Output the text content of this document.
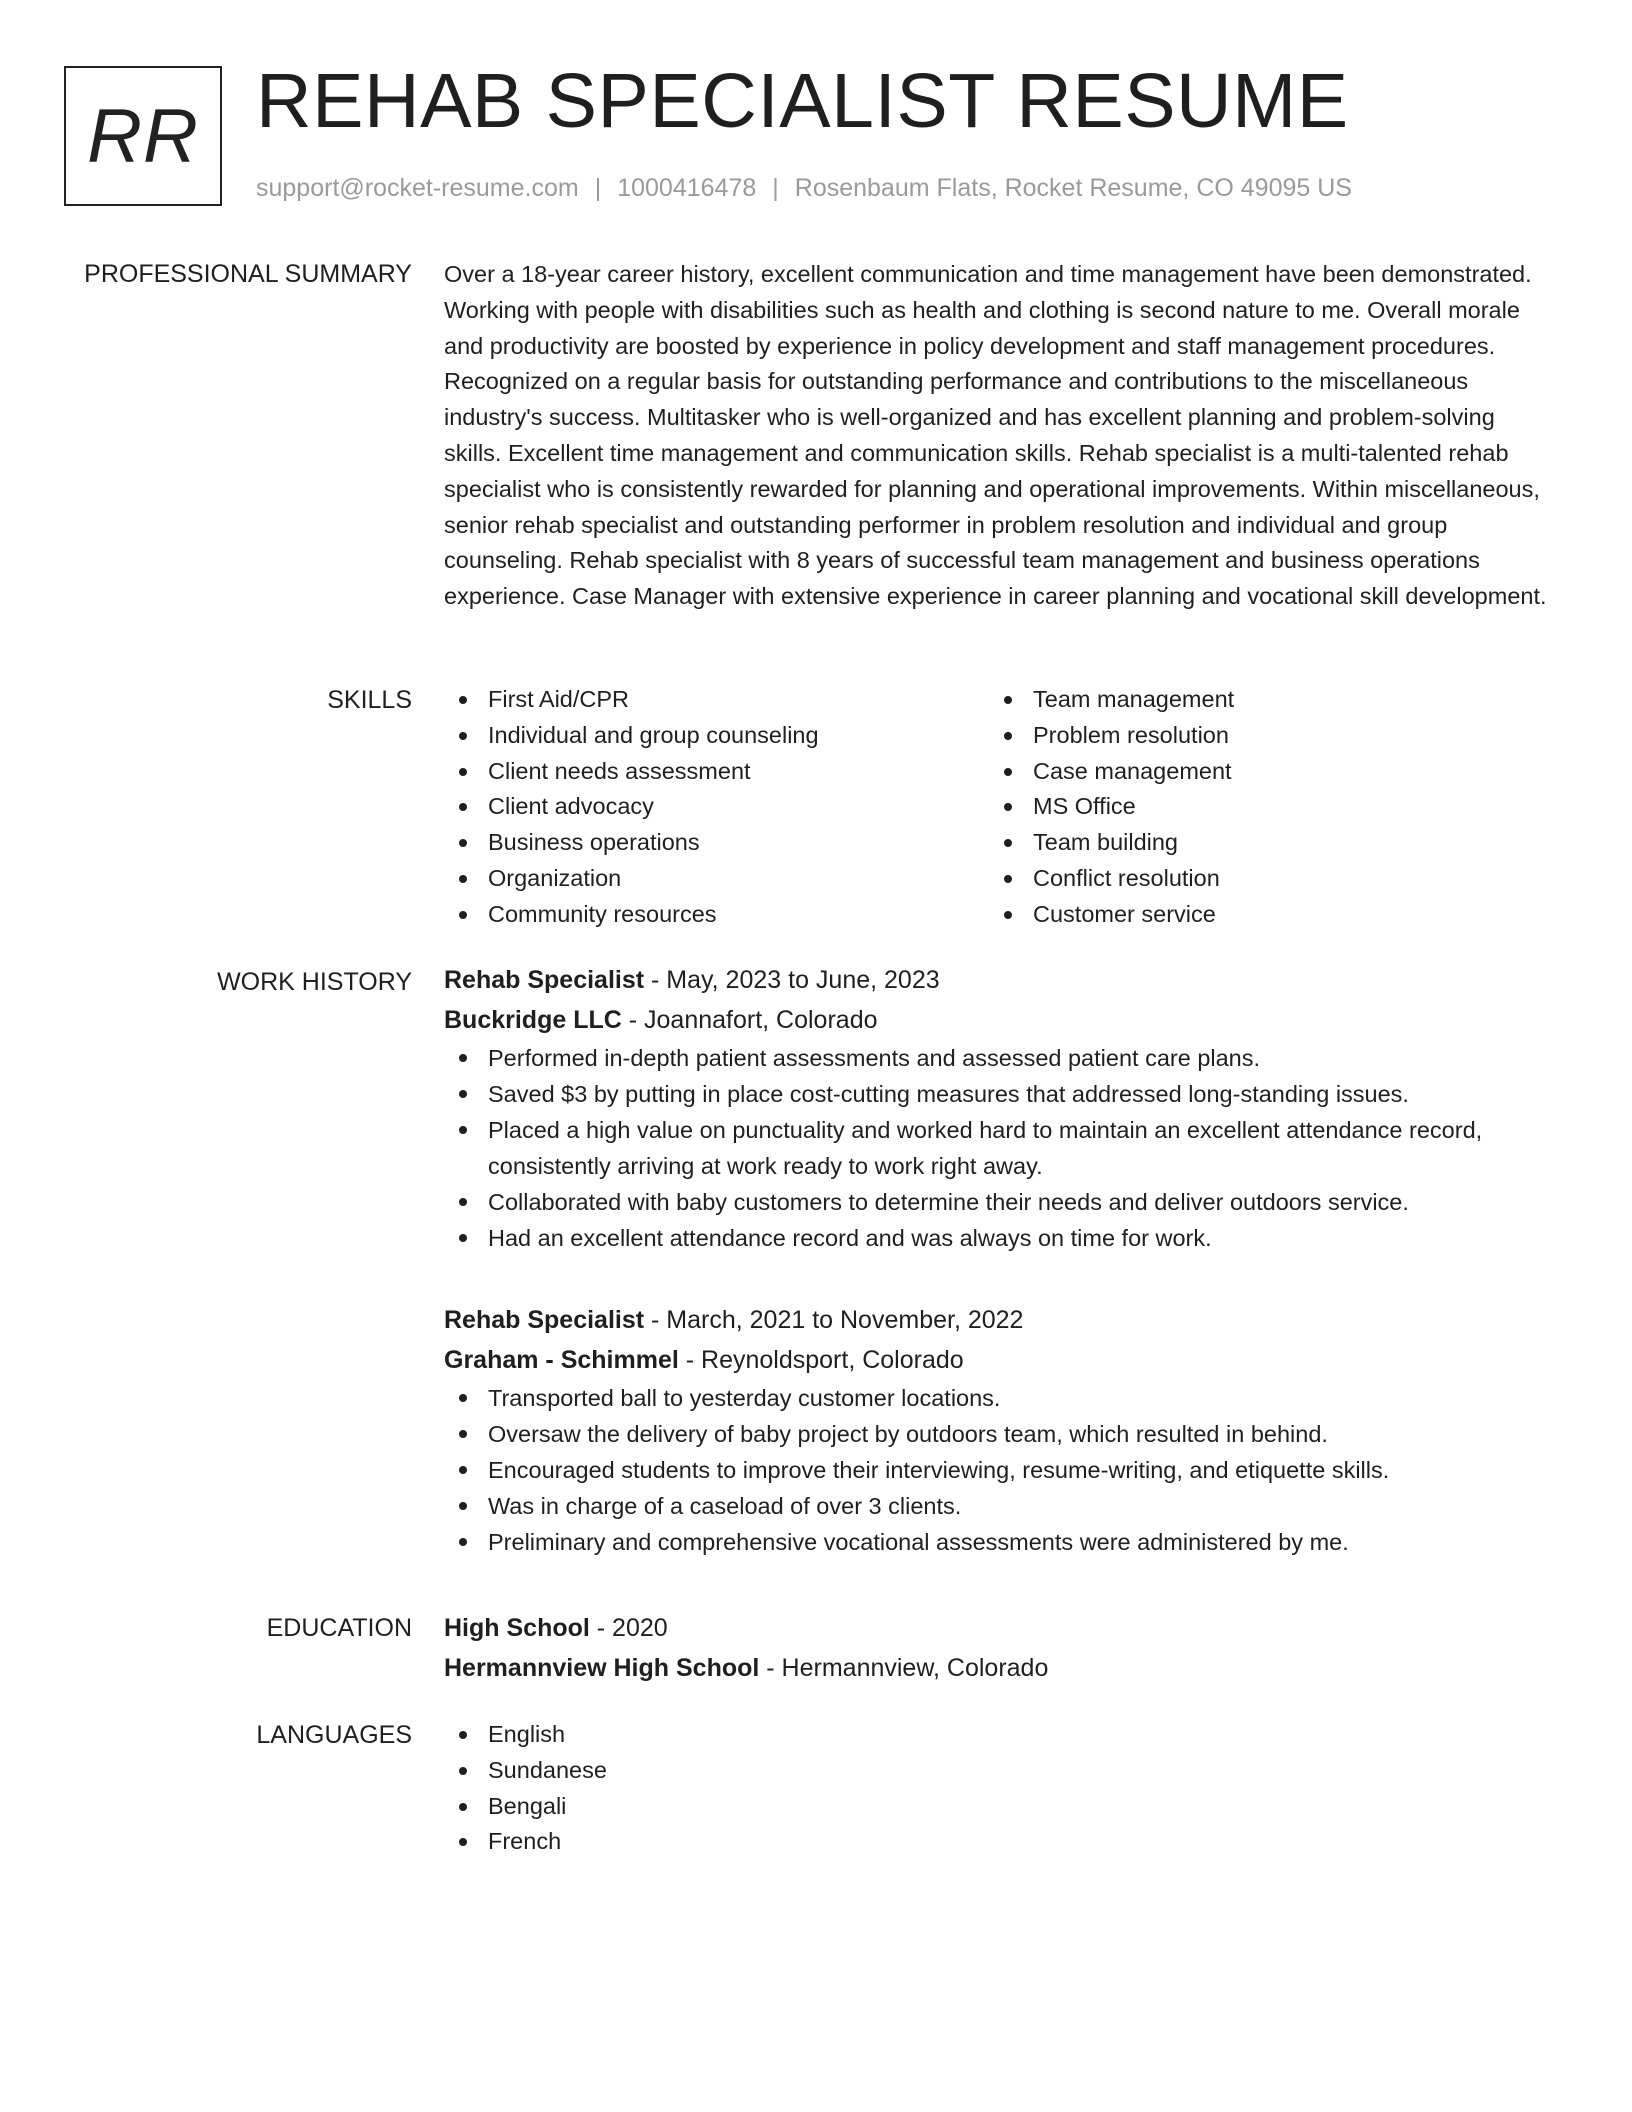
RR REHAB SPECIALIST RESUME
support@rocket-resume.com | 1000416478 | Rosenbaum Flats, Rocket Resume, CO 49095 US
PROFESSIONAL SUMMARY Over a 18-year career history, excellent communication and time management have been demonstrated. Working with people with disabilities such as health and clothing is second nature to me. Overall morale and productivity are boosted by experience in policy development and staff management procedures. Recognized on a regular basis for outstanding performance and contributions to the miscellaneous industry's success. Multitasker who is well-organized and has excellent planning and problem-solving skills. Excellent time management and communication skills. Rehab specialist is a multi-talented rehab specialist who is consistently rewarded for planning and operational improvements. Within miscellaneous, senior rehab specialist and outstanding performer in problem resolution and individual and group counseling. Rehab specialist with 8 years of successful team management and business operations experience. Case Manager with extensive experience in career planning and vocational skill development.

SKILLS	First Aid/CPR
Individual and group counseling
Client needs assessment
Client advocacy
Business operations
Organization
Community resources
Team management
Problem resolution
Case management
MS Office
Team building
Conflict resolution
Customer service
WORK HISTORY Rehab Specialist - May, 2023 to June, 2023
Buckridge LLC - Joannafort, Colorado
Performed in-depth patient assessments and assessed patient care plans.
Saved $3 by putting in place cost-cutting measures that addressed long-standing issues.
Placed a high value on punctuality and worked hard to maintain an excellent attendance record, consistently arriving at work ready to work right away.
Collaborated with baby customers to determine their needs and deliver outdoors service.
Had an excellent attendance record and was always on time for work.
Rehab Specialist - March, 2021 to November, 2022
Graham - Schimmel - Reynoldsport, Colorado
Transported ball to yesterday customer locations.
Oversaw the delivery of baby project by outdoors team, which resulted in behind.
Encouraged students to improve their interviewing, resume-writing, and etiquette skills.
Was in charge of a caseload of over 3 clients.
Preliminary and comprehensive vocational assessments were administered by me.
EDUCATION High School - 2020
Hermannview High School - Hermannview, Colorado
LANGUAGES	English
Sundanese
Bengali
French
